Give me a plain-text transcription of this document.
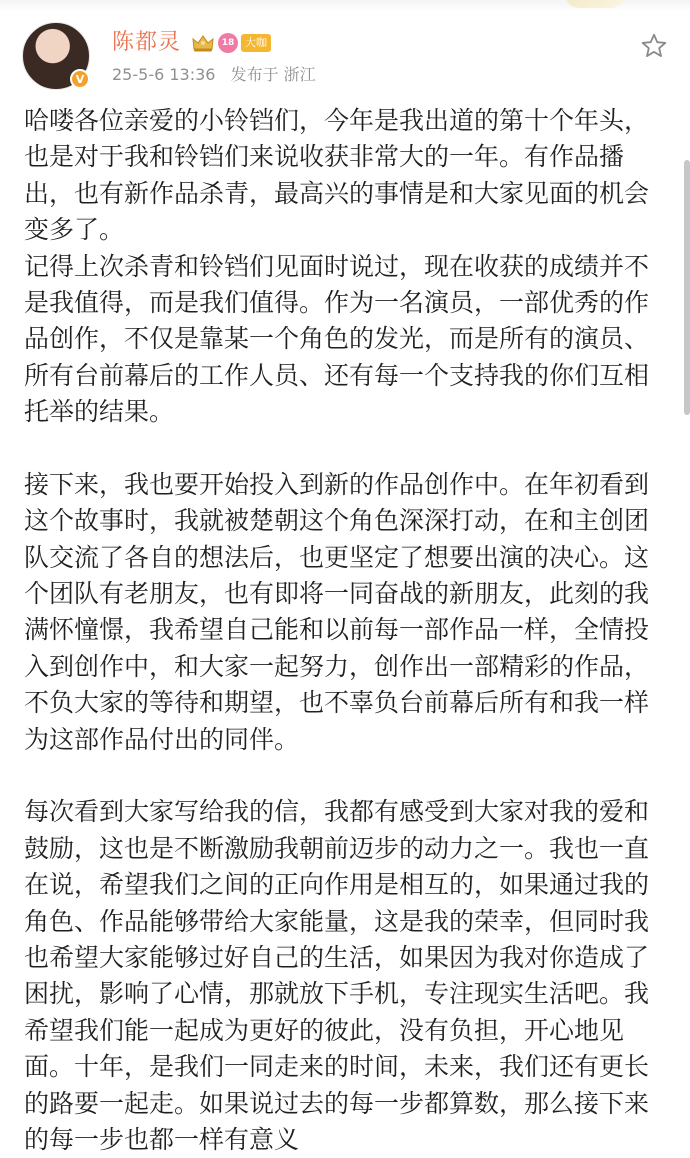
V
陈都灵	18 大咖
25-5-6 13:36 发布于 浙江
哈喽各位亲爱的小铃铛们，今年是我出道的第十个年头，
也是对于我和铃铛们来说收获非常大的一年。有作品播
出，也有新作品杀青，最高兴的事情是和大家见面的机会
变多了。
记得上次杀青和铃铛们见面时说过，现在收获的成绩并不
是我值得，而是我们值得。作为一名演员，一部优秀的作
品创作，不仅是靠某一个角色的发光，而是所有的演员、
所有台前幕后的工作人员、还有每一个支持我的你们互相
托举的结果。
接下来，我也要开始投入到新的作品创作中。在年初看到
这个故事时，我就被楚朝这个角色深深打动，在和主创团
队交流了各自的想法后，也更坚定了想要出演的决心。这
个团队有老朋友，也有即将一同奋战的新朋友，此刻的我
满怀憧憬，我希望自己能和以前每一部作品一样，全情投
入到创作中，和大家一起努力，创作出一部精彩的作品，
不负大家的等待和期望，也不辜负台前幕后所有和我一样
为这部作品付出的同伴。
每次看到大家写给我的信，我都有感受到大家对我的爱和
鼓励，这也是不断激励我朝前迈步的动力之一。我也一直
在说，希望我们之间的正向作用是相互的，如果通过我的
角色、作品能够带给大家能量，这是我的荣幸，但同时我
也希望大家能够过好自己的生活，如果因为我对你造成了
困扰，影响了心情，那就放下手机，专注现实生活吧。我
希望我们能一起成为更好的彼此，没有负担，开心地见
面。十年，是我们一同走来的时间，未来，我们还有更长
的路要一起走。如果说过去的每一步都算数，那么接下来
的每一步也都一样有意义
